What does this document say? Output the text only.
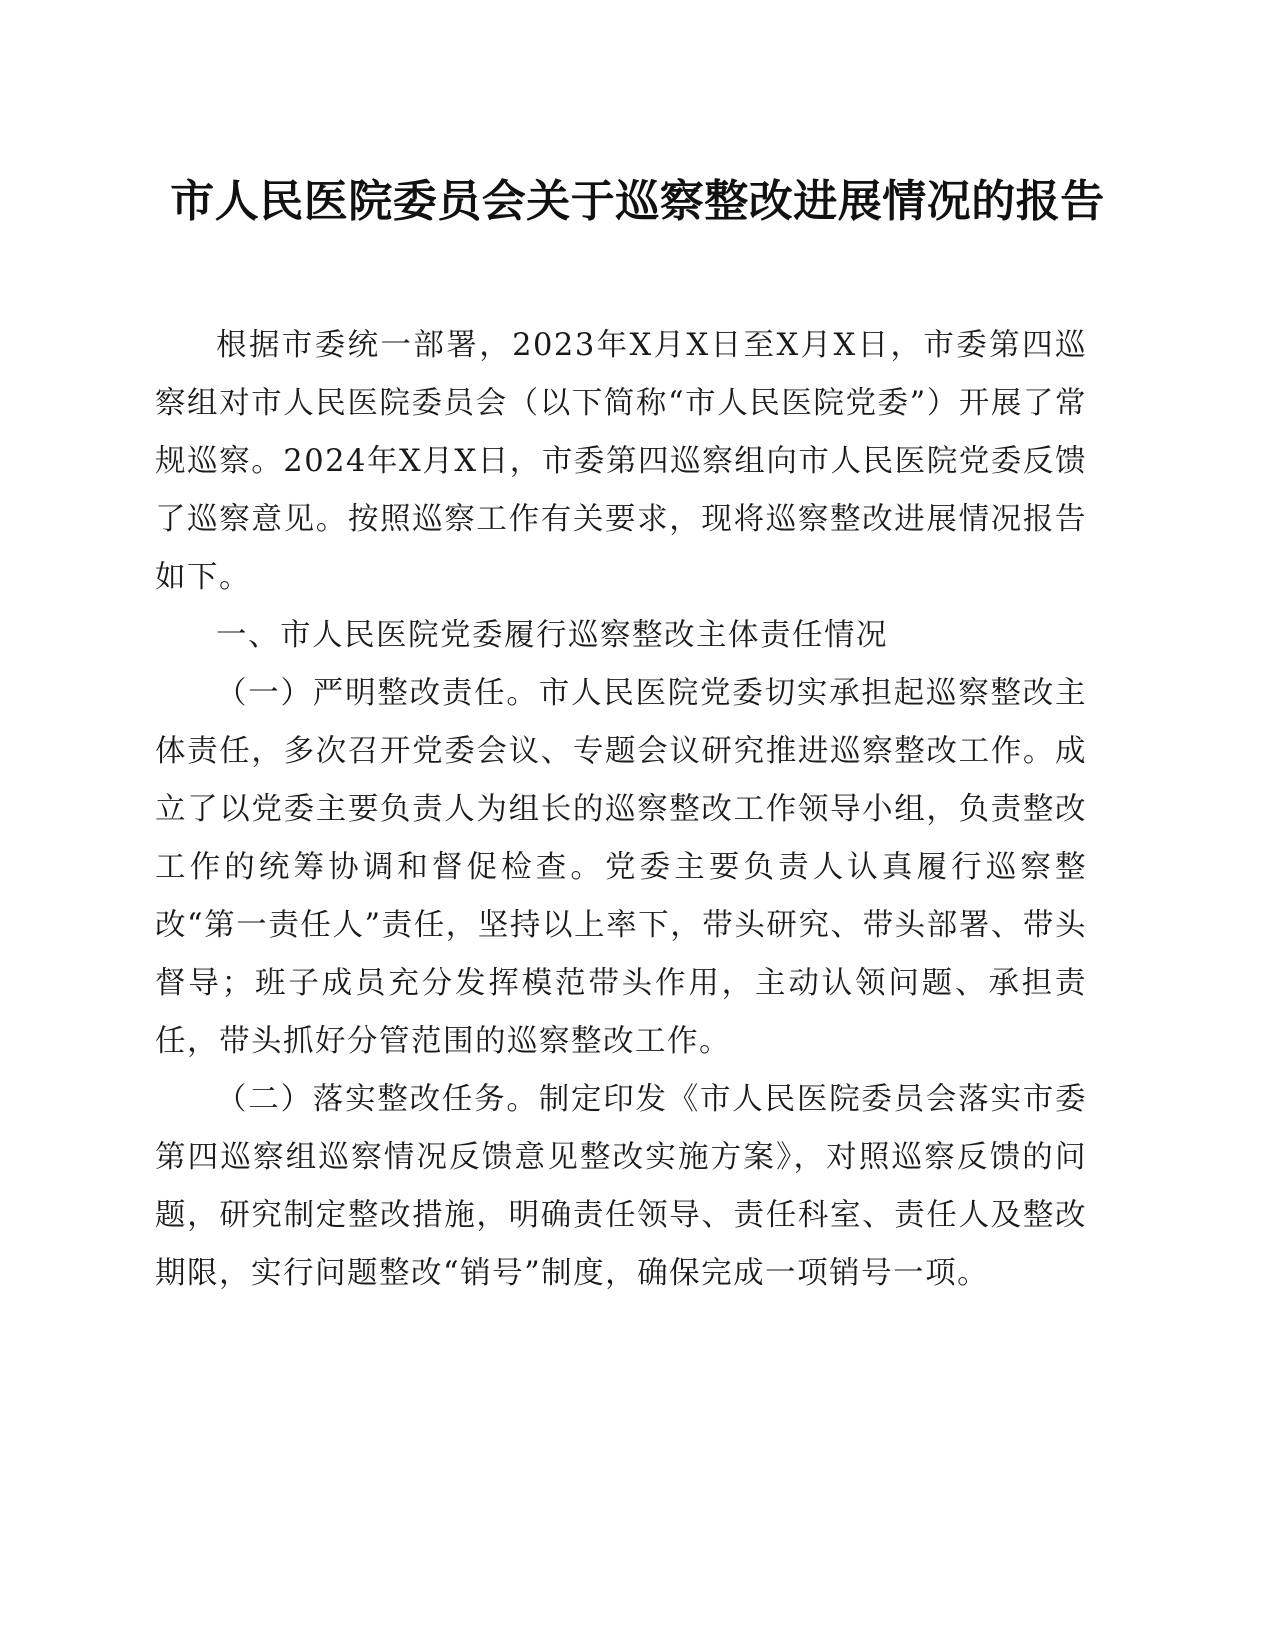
市人民医院委员会关于巡察整改进展情况的报告

根据市委统一部署，2023年X月X日至X月X日，市委第四巡察组对市人民医院委员会（以下简称“市人民医院党委”）开展了常规巡察。2024年X月X日，市委第四巡察组向市人民医院党委反馈了巡察意见。按照巡察工作有关要求，现将巡察整改进展情况报告如下。

一、市人民医院党委履行巡察整改主体责任情况

（一）严明整改责任。市人民医院党委切实承担起巡察整改主体责任，多次召开党委会议、专题会议研究推进巡察整改工作。成立了以党委主要负责人为组长的巡察整改工作领导小组，负责整改工作的统筹协调和督促检查。党委主要负责人认真履行巡察整改“第一责任人”责任，坚持以上率下，带头研究、带头部署、带头督导；班子成员充分发挥模范带头作用，主动认领问题、承担责任，带头抓好分管范围的巡察整改工作。

（二）落实整改任务。制定印发《市人民医院委员会落实市委第四巡察组巡察情况反馈意见整改实施方案》，对照巡察反馈的问题，研究制定整改措施，明确责任领导、责任科室、责任人及整改期限，实行问题整改“销号”制度，确保完成一项销号一项。
